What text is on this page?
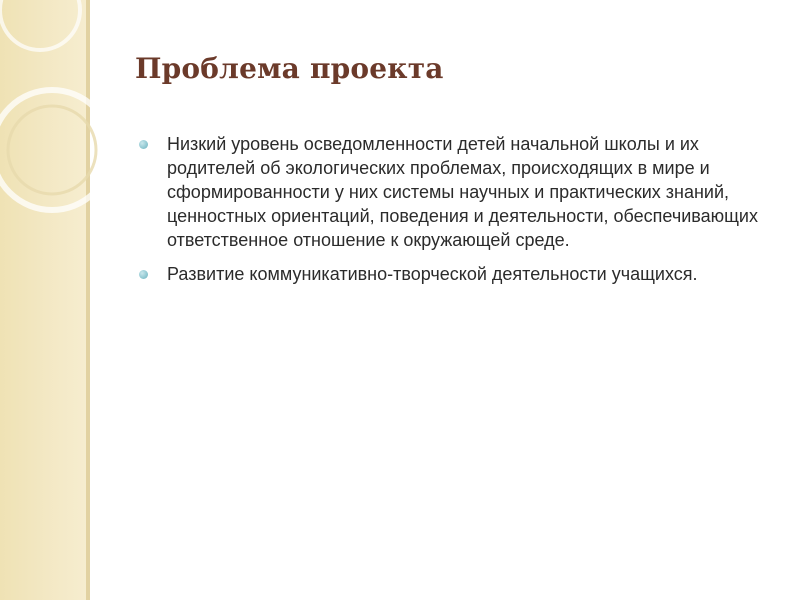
Проблема проекта
Низкий уровень осведомленности детей начальной школы и их родителей об экологических проблемах, происходящих в мире и сформированности у них системы научных и практических знаний, ценностных ориентаций, поведения и деятельности, обеспечивающих ответственное отношение к окружающей среде.
Развитие коммуникативно-творческой деятельности учащихся.
